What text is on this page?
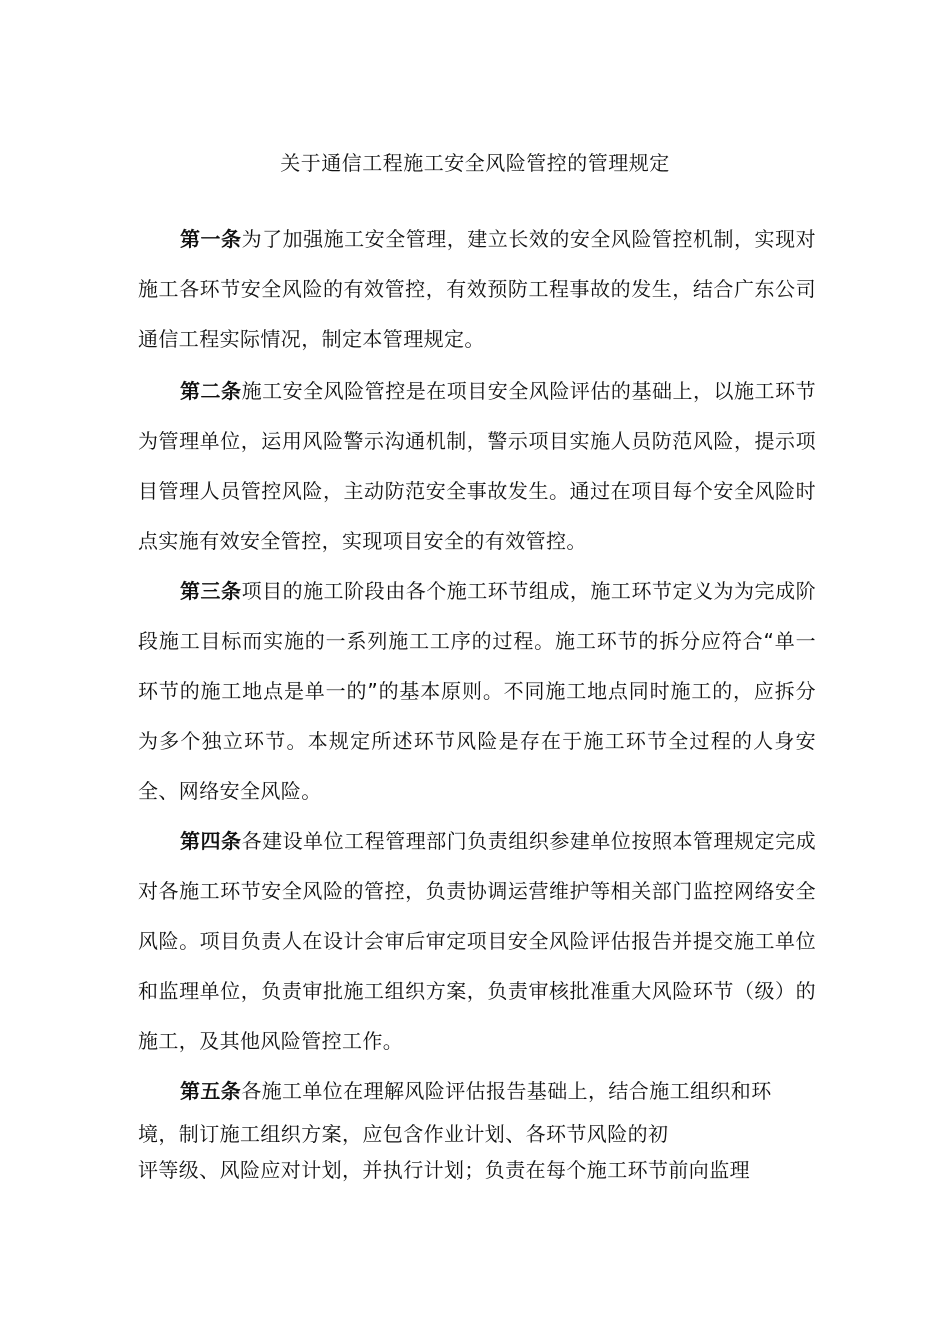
关于通信工程施工安全风险管控的管理规定

第一条为了加强施工安全管理，建立长效的安全风险管控机制，实现对施工各环节安全风险的有效管控，有效预防工程事故的发生，结合广东公司通信工程实际情况，制定本管理规定。

第二条施工安全风险管控是在项目安全风险评估的基础上，以施工环节为管理单位，运用风险警示沟通机制，警示项目实施人员防范风险，提示项目管理人员管控风险，主动防范安全事故发生。通过在项目每个安全风险时点实施有效安全管控，实现项目安全的有效管控。

第三条项目的施工阶段由各个施工环节组成，施工环节定义为为完成阶段施工目标而实施的一系列施工工序的过程。施工环节的拆分应符合“单一环节的施工地点是单一的”的基本原则。不同施工地点同时施工的，应拆分为多个独立环节。本规定所述环节风险是存在于施工环节全过程的人身安全、网络安全风险。

第四条各建设单位工程管理部门负责组织参建单位按照本管理规定完成对各施工环节安全风险的管控，负责协调运营维护等相关部门监控网络安全风险。项目负责人在设计会审后审定项目安全风险评估报告并提交施工单位和监理单位，负责审批施工组织方案，负责审核批准重大风险环节（级）的施工，及其他风险管控工作。

第五条各施工单位在理解风险评估报告基础上，结合施工组织和环
境，制订施工组织方案，应包含作业计划、各环节风险的初
评等级、风险应对计划，并执行计划；负责在每个施工环节前向监理
